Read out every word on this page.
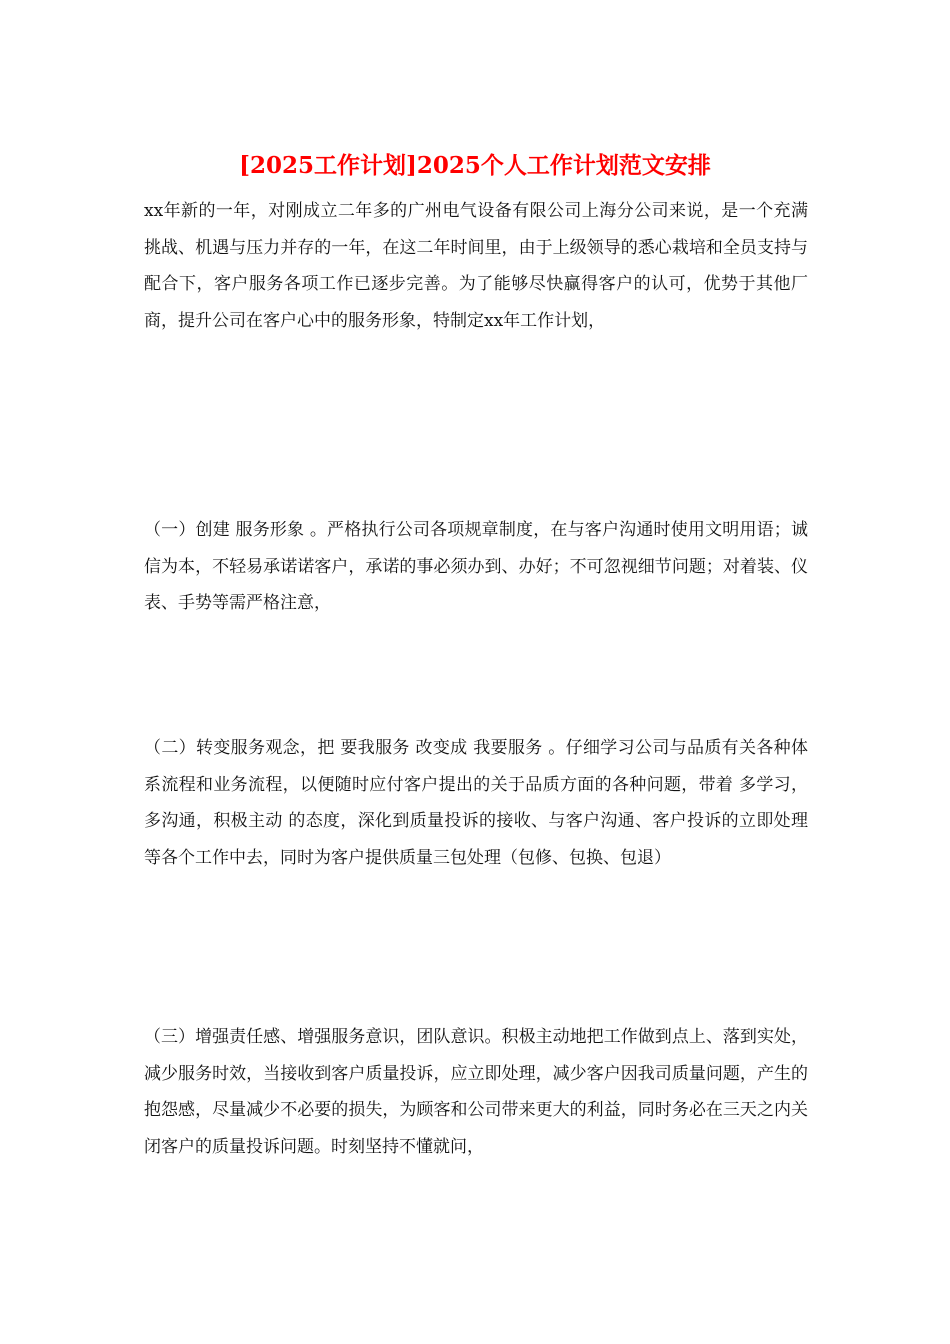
[2025工作计划]2025个人工作计划范文安排

xx年新的一年，对刚成立二年多的广州电气设备有限公司上海分公司来说，是一个充满挑战、机遇与压力并存的一年，在这二年时间里，由于上级领导的悉心栽培和全员支持与配合下，客户服务各项工作已逐步完善。为了能够尽快赢得客户的认可，优势于其他厂商，提升公司在客户心中的服务形象，特制定xx年工作计划，

（一）创建 服务形象 。严格执行公司各项规章制度，在与客户沟通时使用文明用语；诚信为本，不轻易承诺诺客户，承诺的事必须办到、办好；不可忽视细节问题；对着装、仪表、手势等需严格注意，

（二）转变服务观念，把 要我服务 改变成 我要服务 。仔细学习公司与品质有关各种体系流程和业务流程，以便随时应付客户提出的关于品质方面的各种问题，带着 多学习，多沟通，积极主动 的态度，深化到质量投诉的接收、与客户沟通、客户投诉的立即处理等各个工作中去，同时为客户提供质量三包处理（包修、包换、包退）

（三）增强责任感、增强服务意识，团队意识。积极主动地把工作做到点上、落到实处，减少服务时效，当接收到客户质量投诉，应立即处理，减少客户因我司质量问题，产生的抱怨感，尽量减少不必要的损失，为顾客和公司带来更大的利益，同时务必在三天之内关闭客户的质量投诉问题。时刻坚持不懂就问，
